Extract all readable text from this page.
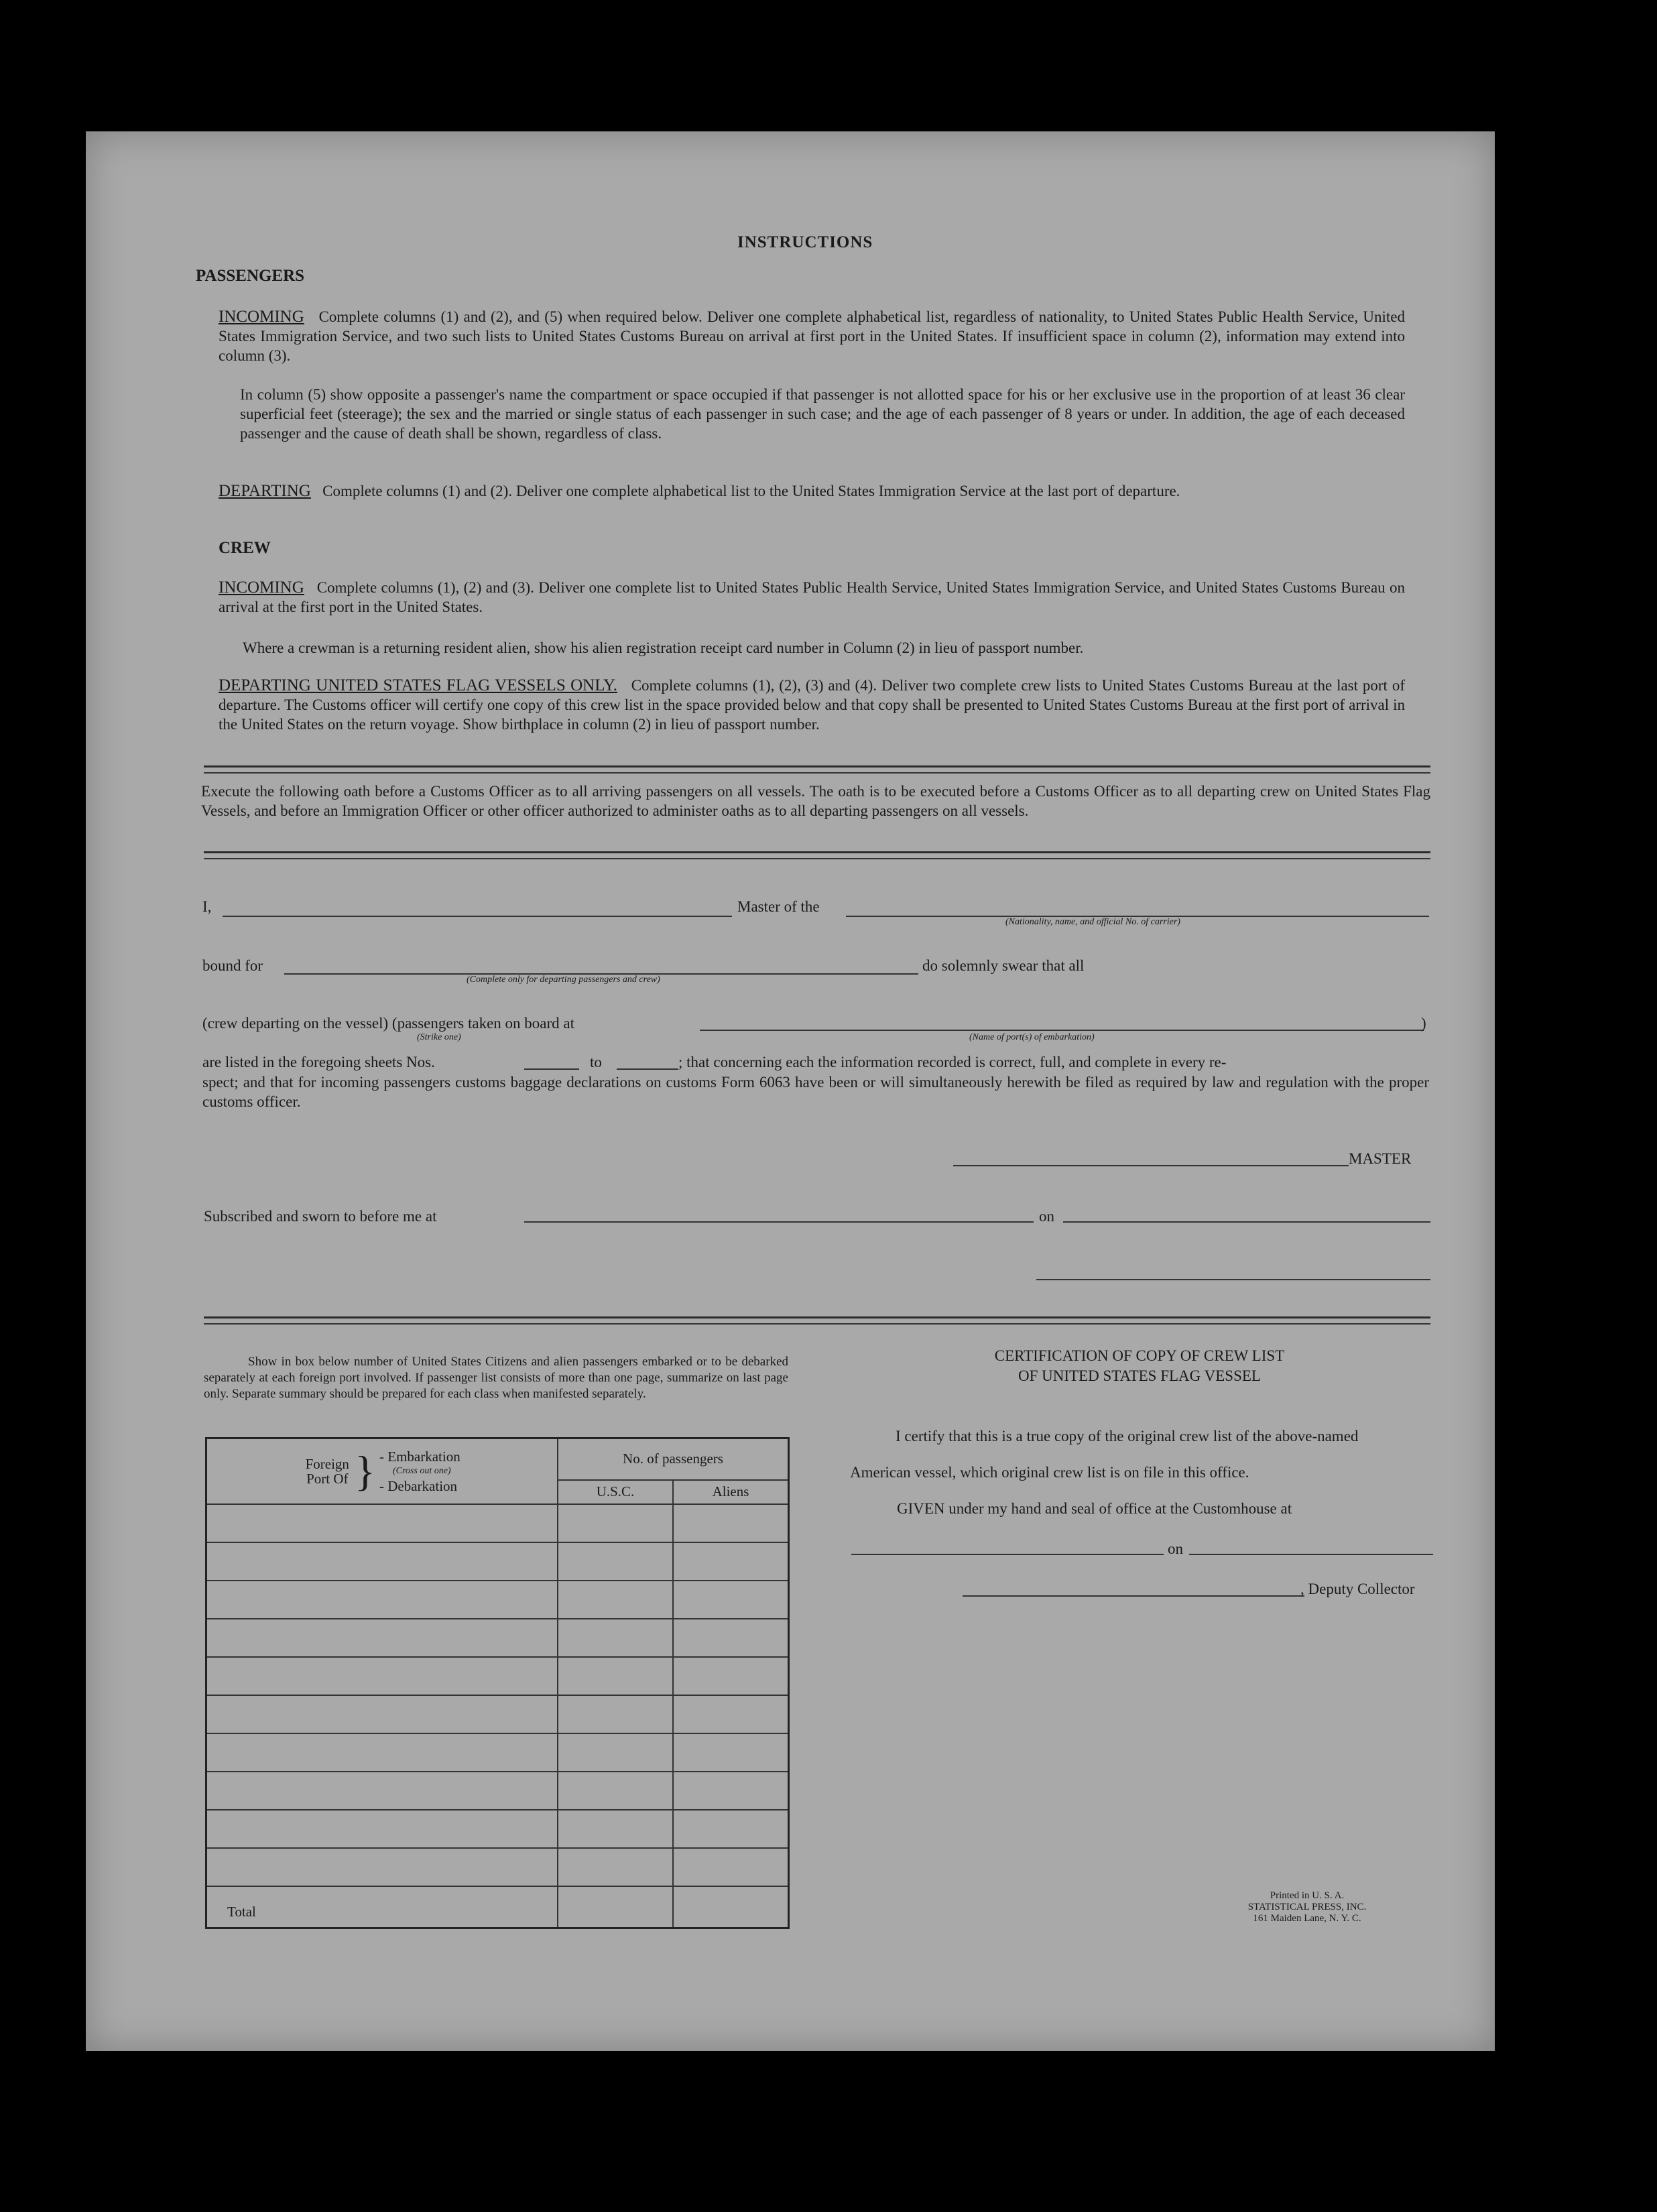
INSTRUCTIONS
PASSENGERS
INCOMING Complete columns (1) and (2), and (5) when required below. Deliver one complete alphabetical list, regardless of nationality, to United States Public Health Service, United States Immigration Service, and two such lists to United States Customs Bureau on arrival at first port in the United States. If insufficient space in column (2), information may extend into column (3).
In column (5) show opposite a passenger's name the compartment or space occupied if that passenger is not allotted space for his or her exclusive use in the proportion of at least 36 clear superficial feet (steerage); the sex and the married or single status of each passenger in such case; and the age of each passenger of 8 years or under. In addition, the age of each deceased passenger and the cause of death shall be shown, regardless of class.
DEPARTING Complete columns (1) and (2). Deliver one complete alphabetical list to the United States Immigration Service at the last port of departure.
CREW
INCOMING Complete columns (1), (2) and (3). Deliver one complete list to United States Public Health Service, United States Immigration Service, and United States Customs Bureau on arrival at the first port in the United States.
Where a crewman is a returning resident alien, show his alien registration receipt card number in Column (2) in lieu of passport number.
DEPARTING UNITED STATES FLAG VESSELS ONLY. Complete columns (1), (2), (3) and (4). Deliver two complete crew lists to United States Customs Bureau at the last port of departure. The Customs officer will certify one copy of this crew list in the space provided below and that copy shall be presented to United States Customs Bureau at the first port of arrival in the United States on the return voyage. Show birthplace in column (2) in lieu of passport number.
Execute the following oath before a Customs Officer as to all arriving passengers on all vessels. The oath is to be executed before a Customs Officer as to all departing crew on United States Flag Vessels, and before an Immigration Officer or other officer authorized to administer oaths as to all departing passengers on all vessels.
I,	Master of the
(Nationality, name, and official No. of carrier)
bound for
(Complete only for departing passengers and crew)
do solemnly swear that all
(crew departing on the vessel) (passengers taken on board at
(Strike one)	(Name of port(s) of embarkation)
)
are listed in the foregoing sheets Nos.	to	; that concerning each the information recorded is correct, full, and complete in every re-
spect; and that for incoming passengers customs baggage declarations on customs Form 6063 have been or will simultaneously herewith be filed as required by law and regulation with the proper customs officer.
MASTER
Subscribed and sworn to before me at	on
Show in box below number of United States Citizens and alien passengers embarked or to be debarked separately at each foreign port involved. If passenger list consists of more than one page, summarize on last page only. Separate summary should be prepared for each class when manifested separately.
Foreign Port Of } - Embarkation
(Cross out one)
- Debarkation	No. of passengers	
	U.S.C.	Aliens

Total		
CERTIFICATION OF COPY OF CREW LIST
OF UNITED STATES FLAG VESSEL
I certify that this is a true copy of the original crew list of the above-named
American vessel, which original crew list is on file in this office.
GIVEN under my hand and seal of office at the Customhouse at
on
, Deputy Collector
Printed in U. S. A.
STATISTICAL PRESS, INC.
161 Maiden Lane, N. Y. C.
